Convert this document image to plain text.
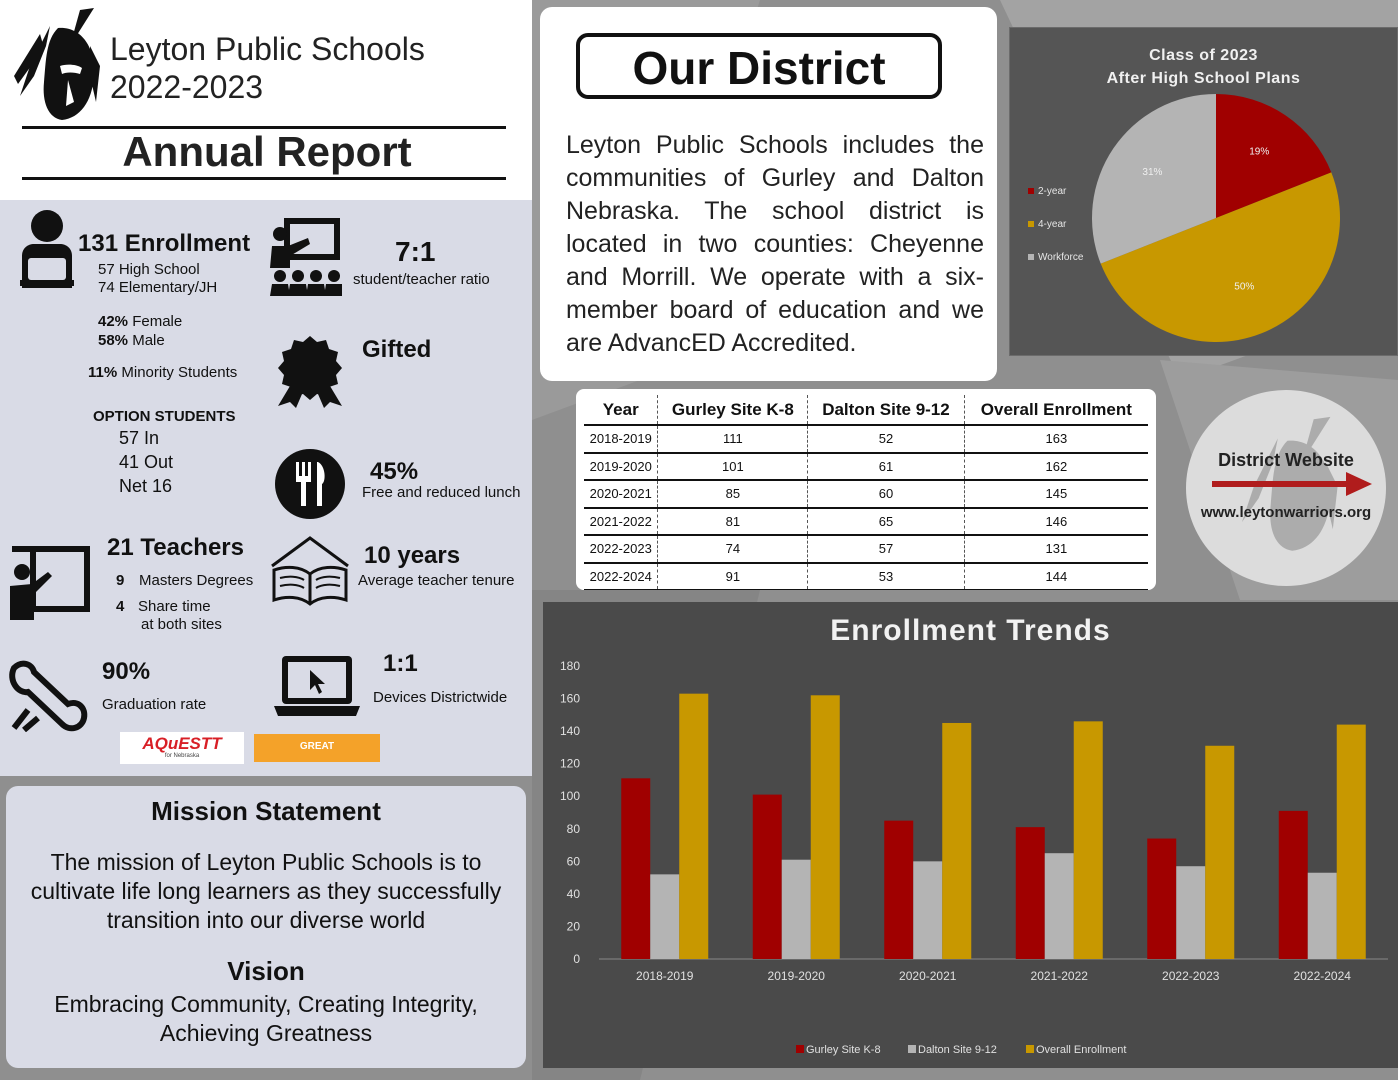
Leyton Public Schools
2022-2023
Annual Report
131 Enrollment
57 High School
74 Elementary/JH
42% Female
58% Male
11% Minority Students
OPTION STUDENTS
57 In
41 Out
Net 16
21 Teachers
9 Masters Degrees
4 Share time
at both sites
90%
Graduation rate
7:1
student/teacher ratio
Gifted
45%
Free and reduced lunch
10 years
Average teacher tenure
1:1
Devices Districtwide
AQuESTT
for Nebraska
GREAT
Mission Statement
The mission of Leyton Public Schools is to cultivate life long learners as they successfully transition into our diverse world
Vision
Embracing Community, Creating Integrity, Achieving Greatness
Our District
Leyton Public Schools includes the communities of Gurley and Dalton Nebraska. The school district is located in two counties: Cheyenne and Morrill. We operate with a six-member board of education and we are AdvancED Accredited.
Class of 2023
After High School Plans
19%
50%
31%
2-year
4-year
Workforce
Year	Gurley Site K-8	Dalton Site 9-12	Overall Enrollment
2018-2019	111	52	163
2019-2020	101	61	162
2020-2021	85	60	145
2021-2022	81	65	146
2022-2023	74	57	131
2022-2024	91	53	144
District Website
www.leytonwarriors.org
0
20
40
60
80
100
120
140
160
180
2018-2019	2019-2020	2020-2021	2021-2022	2022-2023	2022-2024
Gurley Site K-8	Dalton Site 9-12	Overall Enrollment
Enrollment Trends
